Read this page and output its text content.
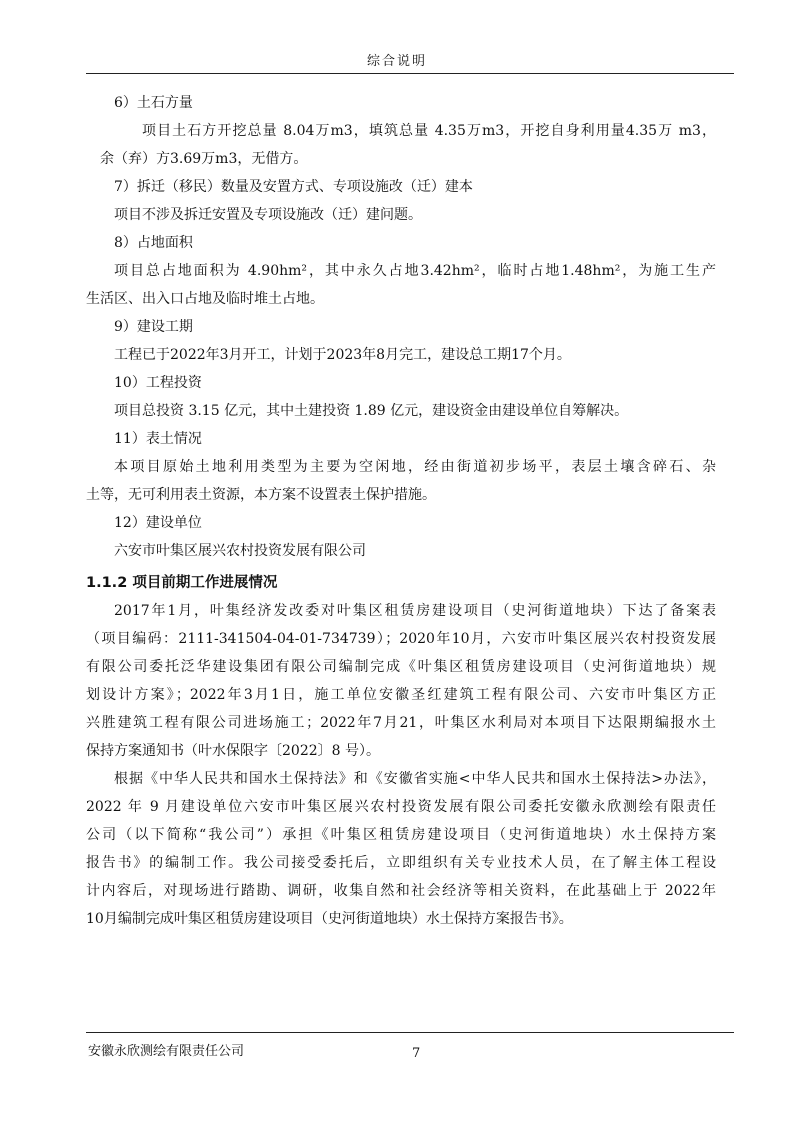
综合说明
6）土石方量
项目土石方开挖总量 8.04万m3，填筑总量 4.35万m3，开挖自身利用量4.35万 m3，
余（弃）方3.69万m3，无借方。
7）拆迁（移民）数量及安置方式、专项设施改（迁）建本
项目不涉及拆迁安置及专项设施改（迁）建问题。
8）占地面积
项目总占地面积为 4.90hm²，其中永久占地3.42hm²，临时占地1.48hm²，为施工生产
生活区、出入口占地及临时堆土占地。
9）建设工期
工程已于2022年3月开工，计划于2023年8月完工，建设总工期17个月。
10）工程投资
项目总投资 3.15 亿元，其中土建投资 1.89 亿元，建设资金由建设单位自筹解决。
11）表土情况
本项目原始土地利用类型为主要为空闲地，经由街道初步场平，表层土壤含碎石、杂
土等，无可利用表土资源，本方案不设置表土保护措施。
12）建设单位
六安市叶集区展兴农村投资发展有限公司
1.1.2 项目前期工作进展情况
2017年1月，叶集经济发改委对叶集区租赁房建设项目（史河街道地块）下达了备案表
（项目编码：2111-341504-04-01-734739）；2020年10月，六安市叶集区展兴农村投资发展
有限公司委托泛华建设集团有限公司编制完成《叶集区租赁房建设项目（史河街道地块）规
划设计方案》；2022年3月1日，施工单位安徽圣红建筑工程有限公司、六安市叶集区方正
兴胜建筑工程有限公司进场施工；2022年7月21，叶集区水利局对本项目下达限期编报水土
保持方案通知书（叶水保限字〔2022〕8 号）。
根据《中华人民共和国水土保持法》和《安徽省实施<中华人民共和国水土保持法>办法》，
2022 年 9 月建设单位六安市叶集区展兴农村投资发展有限公司委托安徽永欣测绘有限责任
公司（以下简称“我公司”）承担《叶集区租赁房建设项目（史河街道地块）水土保持方案
报告书》的编制工作。我公司接受委托后，立即组织有关专业技术人员，在了解主体工程设
计内容后，对现场进行踏勘、调研，收集自然和社会经济等相关资料，在此基础上于 2022年
10月编制完成叶集区租赁房建设项目（史河街道地块）水土保持方案报告书》。
安徽永欣测绘有限责任公司	7
